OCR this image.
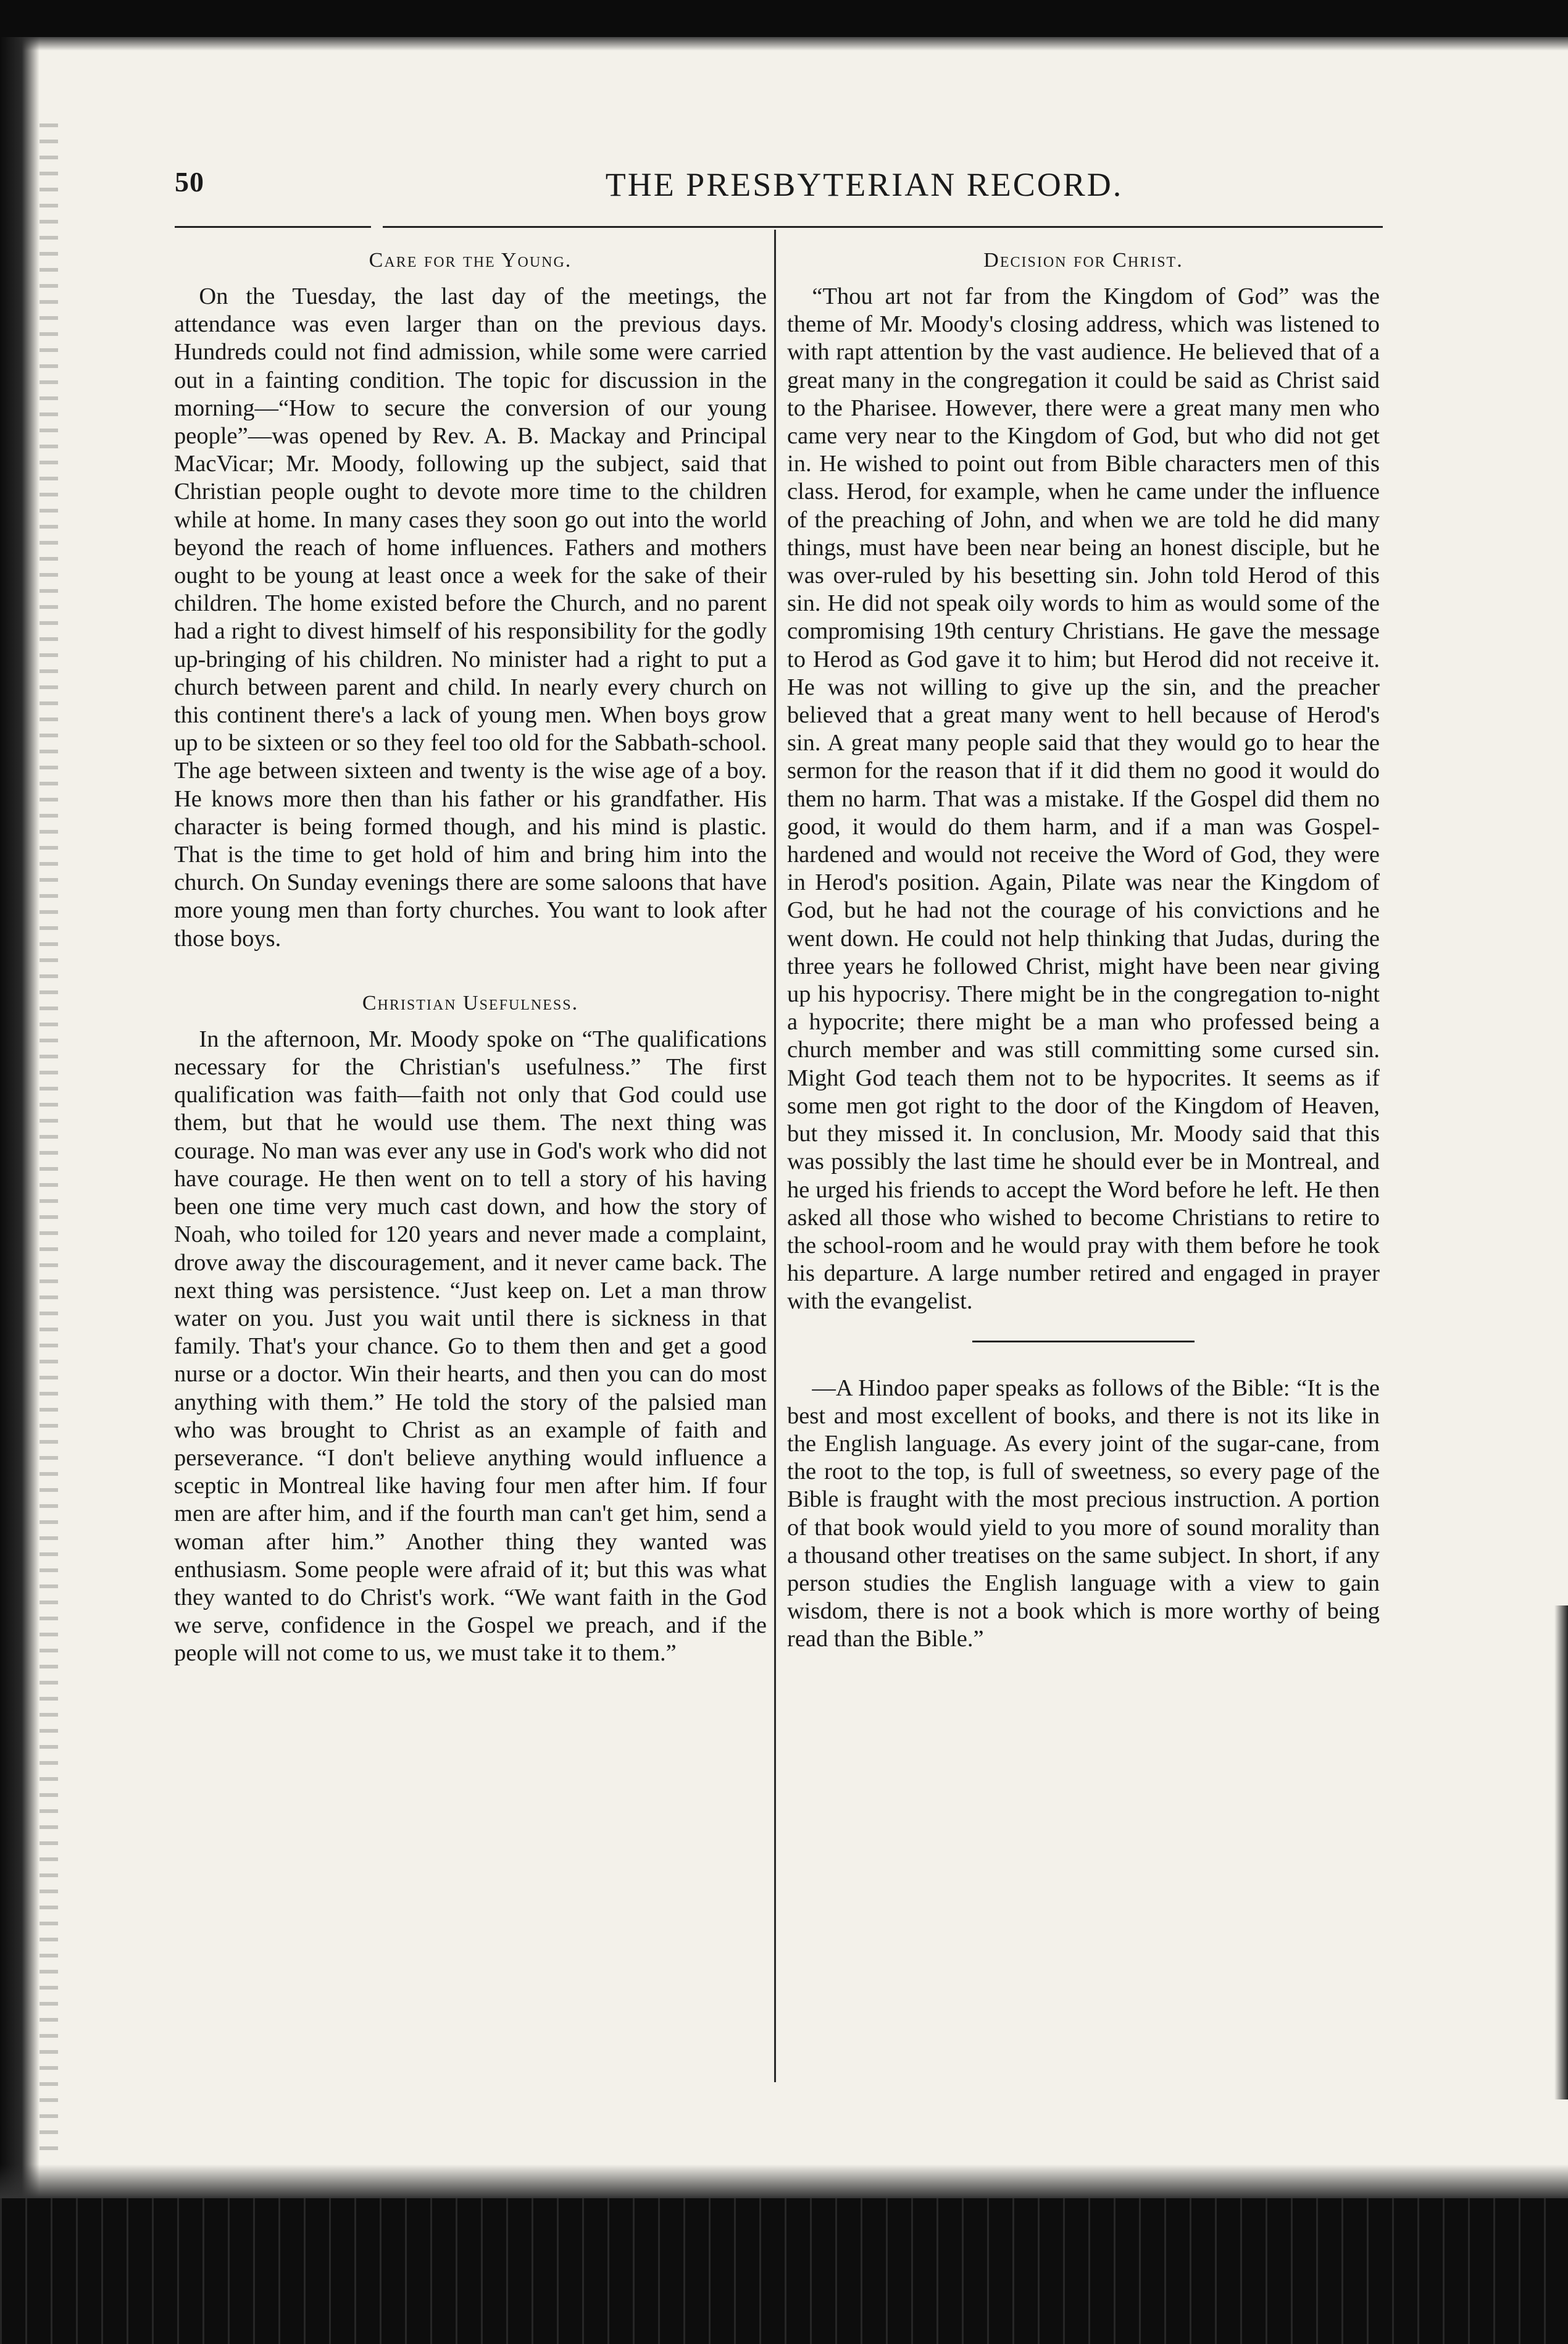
50	THE PRESBYTERIAN RECORD.
Care for the Young.

On the Tuesday, the last day of the meetings, the attendance was even larger than on the previous days. Hundreds could not find admission, while some were carried out in a fainting condition. The topic for discussion in the morning—“How to secure the conversion of our young people”—was opened by Rev. A. B. Mackay and Principal MacVicar; Mr. Moody, following up the subject, said that Christian people ought to devote more time to the children while at home. In many cases they soon go out into the world beyond the reach of home influences. Fathers and mothers ought to be young at least once a week for the sake of their children. The home existed before the Church, and no parent had a right to divest himself of his responsibility for the godly up-bringing of his children. No minister had a right to put a church between parent and child. In nearly every church on this continent there's a lack of young men. When boys grow up to be sixteen or so they feel too old for the Sabbath-school. The age between sixteen and twenty is the wise age of a boy. He knows more then than his father or his grandfather. His character is being formed though, and his mind is plastic. That is the time to get hold of him and bring him into the church. On Sunday evenings there are some saloons that have more young men than forty churches. You want to look after those boys.

Christian Usefulness.

In the afternoon, Mr. Moody spoke on “The qualifications necessary for the Christian's usefulness.” The first qualification was faith—faith not only that God could use them, but that he would use them. The next thing was courage. No man was ever any use in God's work who did not have courage. He then went on to tell a story of his having been one time very much cast down, and how the story of Noah, who toiled for 120 years and never made a complaint, drove away the discouragement, and it never came back. The next thing was persistence. “Just keep on. Let a man throw water on you. Just you wait until there is sickness in that family. That's your chance. Go to them then and get a good nurse or a doctor. Win their hearts, and then you can do most anything with them.” He told the story of the palsied man who was brought to Christ as an example of faith and perseverance. “I don't believe anything would influence a sceptic in Montreal like having four men after him. If four men are after him, and if the fourth man can't get him, send a woman after him.” Another thing they wanted was enthusiasm. Some people were afraid of it; but this was what they wanted to do Christ's work. “We want faith in the God we serve, confidence in the Gospel we preach, and if the people will not come to us, we must take it to them.”

Decision for Christ.

“Thou art not far from the Kingdom of God” was the theme of Mr. Moody's closing address, which was listened to with rapt attention by the vast audience. He believed that of a great many in the congregation it could be said as Christ said to the Pharisee. However, there were a great many men who came very near to the Kingdom of God, but who did not get in. He wished to point out from Bible characters men of this class. Herod, for example, when he came under the influence of the preaching of John, and when we are told he did many things, must have been near being an honest disciple, but he was over-ruled by his besetting sin. John told Herod of this sin. He did not speak oily words to him as would some of the compromising 19th century Christians. He gave the message to Herod as God gave it to him; but Herod did not receive it. He was not willing to give up the sin, and the preacher believed that a great many went to hell because of Herod's sin. A great many people said that they would go to hear the sermon for the reason that if it did them no good it would do them no harm. That was a mistake. If the Gospel did them no good, it would do them harm, and if a man was Gospel-hardened and would not receive the Word of God, they were in Herod's position. Again, Pilate was near the Kingdom of God, but he had not the courage of his convictions and he went down. He could not help thinking that Judas, during the three years he followed Christ, might have been near giving up his hypocrisy. There might be in the congregation to-night a hypocrite; there might be a man who professed being a church member and was still committing some cursed sin. Might God teach them not to be hypocrites. It seems as if some men got right to the door of the Kingdom of Heaven, but they missed it. In conclusion, Mr. Moody said that this was possibly the last time he should ever be in Montreal, and he urged his friends to accept the Word before he left. He then asked all those who wished to become Christians to retire to the school-room and he would pray with them before he took his departure. A large number retired and engaged in prayer with the evangelist.

—A Hindoo paper speaks as follows of the Bible: “It is the best and most excellent of books, and there is not its like in the English language. As every joint of the sugar-cane, from the root to the top, is full of sweetness, so every page of the Bible is fraught with the most precious instruction. A portion of that book would yield to you more of sound morality than a thousand other treatises on the same subject. In short, if any person studies the English language with a view to gain wisdom, there is not a book which is more worthy of being read than the Bible.”
